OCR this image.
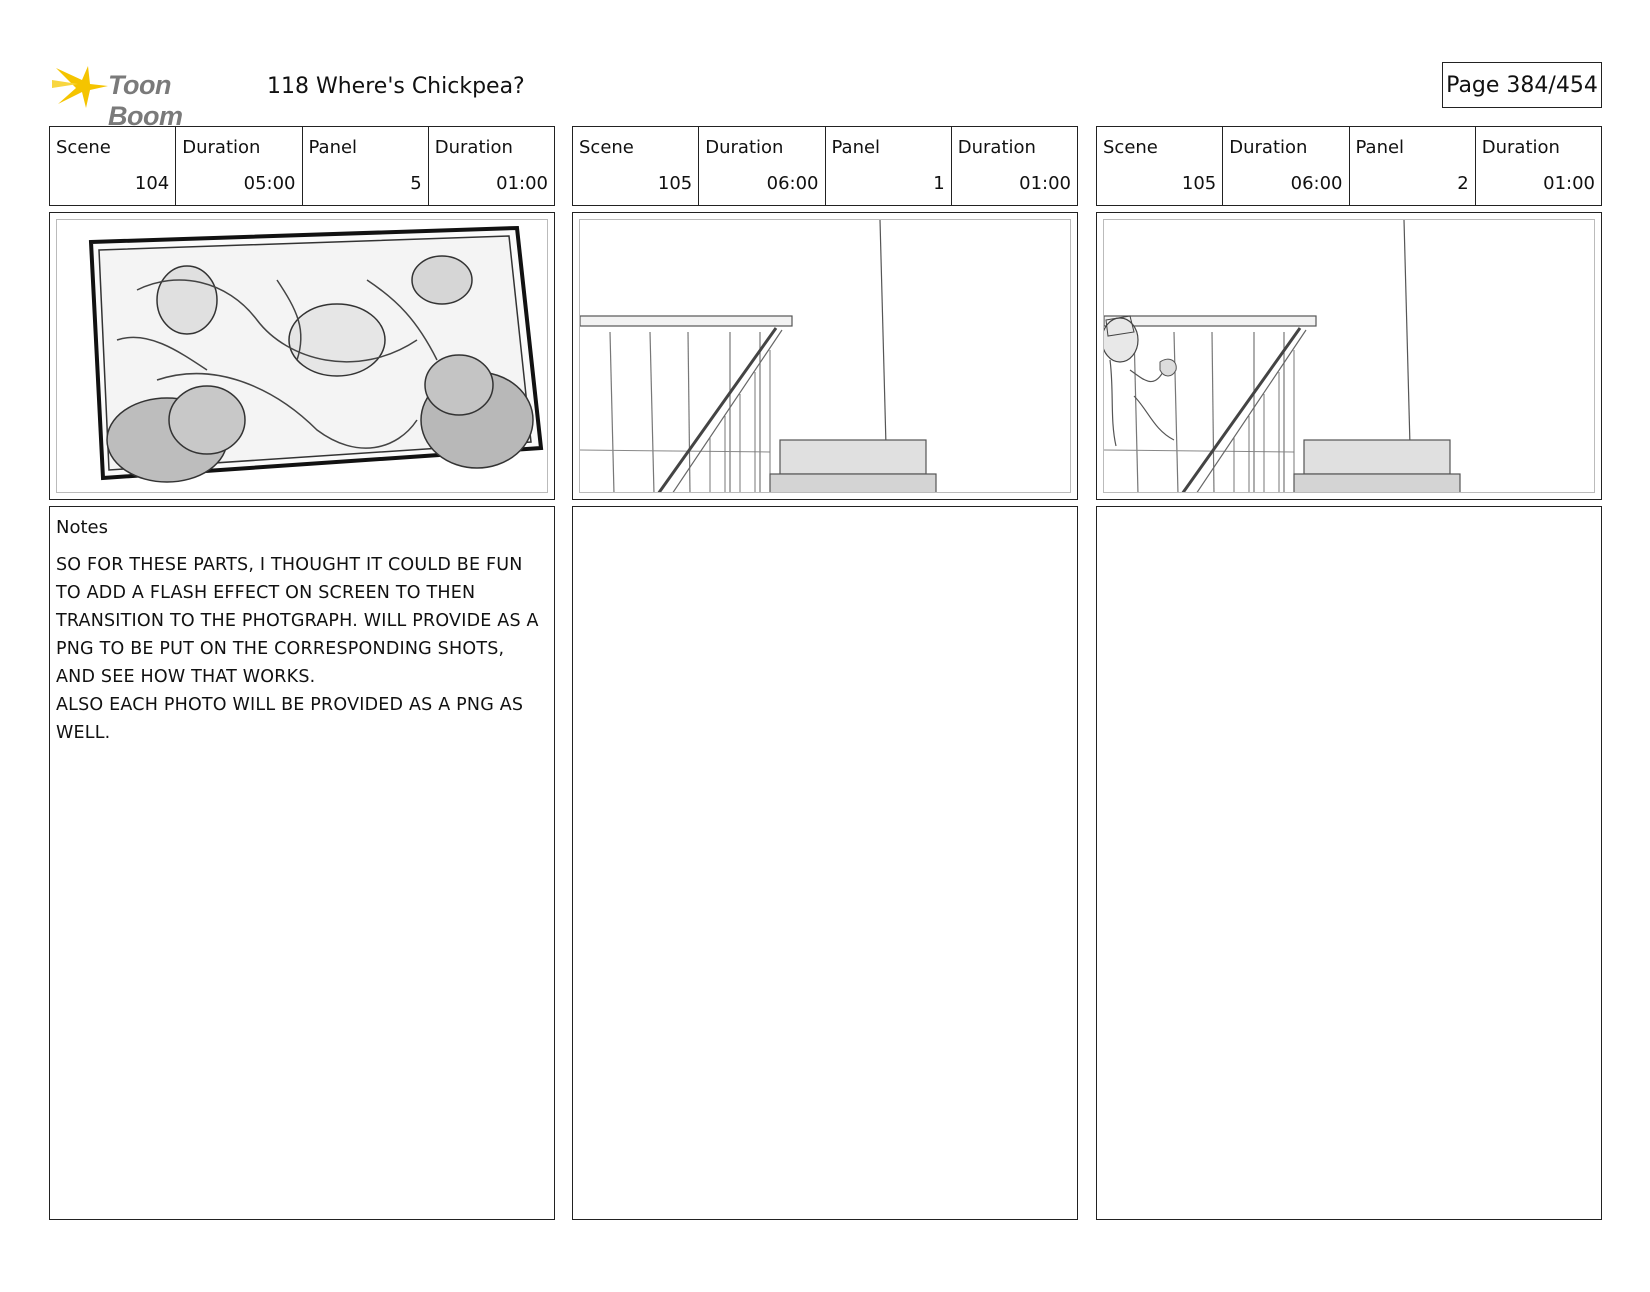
Toon Boom
118 Where's Chickpea?	Page 384/454
Scene
104
Duration
05:00
Panel
5
Duration
01:00
Notes
SO FOR THESE PARTS, I THOUGHT IT COULD BE FUN
TO ADD A FLASH EFFECT ON SCREEN TO THEN
TRANSITION TO THE PHOTGRAPH. WILL PROVIDE AS A
PNG TO BE PUT ON THE CORRESPONDING SHOTS,
AND SEE HOW THAT WORKS.
ALSO EACH PHOTO WILL BE PROVIDED AS A PNG AS
WELL.
Scene
105
Duration
06:00
Panel
1
Duration
01:00
Scene
105
Duration
06:00
Panel
2
Duration
01:00
